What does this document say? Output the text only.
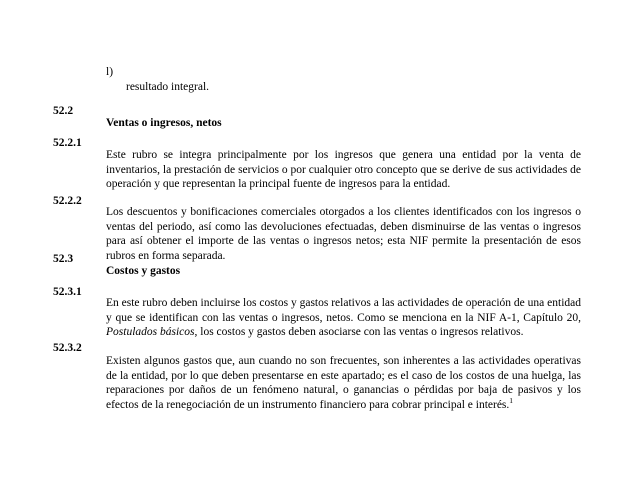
l)
resultado integral.
52.2
Ventas o ingresos, netos
52.2.1
Este rubro se integra principalmente por los ingresos que genera una entidad por la venta de inventarios, la prestación de servicios o por cualquier otro concepto que se derive de sus actividades de operación y que representan la principal fuente de ingresos para la entidad.
52.2.2
Los descuentos y bonificaciones comerciales otorgados a los clientes identificados con los ingresos o ventas del periodo, así como las devoluciones efectuadas, deben disminuirse de las ventas o ingresos para así obtener el importe de las ventas o ingresos netos; esta NIF permite la presentación de esos rubros en forma separada.
52.3
Costos y gastos
52.3.1
En este rubro deben incluirse los costos y gastos relativos a las actividades de operación de una entidad y que se identifican con las ventas o ingresos, netos. Como se menciona en la NIF A-1, Capítulo 20, Postulados básicos, los costos y gastos deben asociarse con las ventas o ingresos relativos.
52.3.2
Existen algunos gastos que, aun cuando no son frecuentes, son inherentes a las actividades operativas de la entidad, por lo que deben presentarse en este apartado; es el caso de los costos de una huelga, las reparaciones por daños de un fenómeno natural, o ganancias o pérdidas por baja de pasivos y los efectos de la renegociación de un instrumento financiero para cobrar principal e interés.$^1$
